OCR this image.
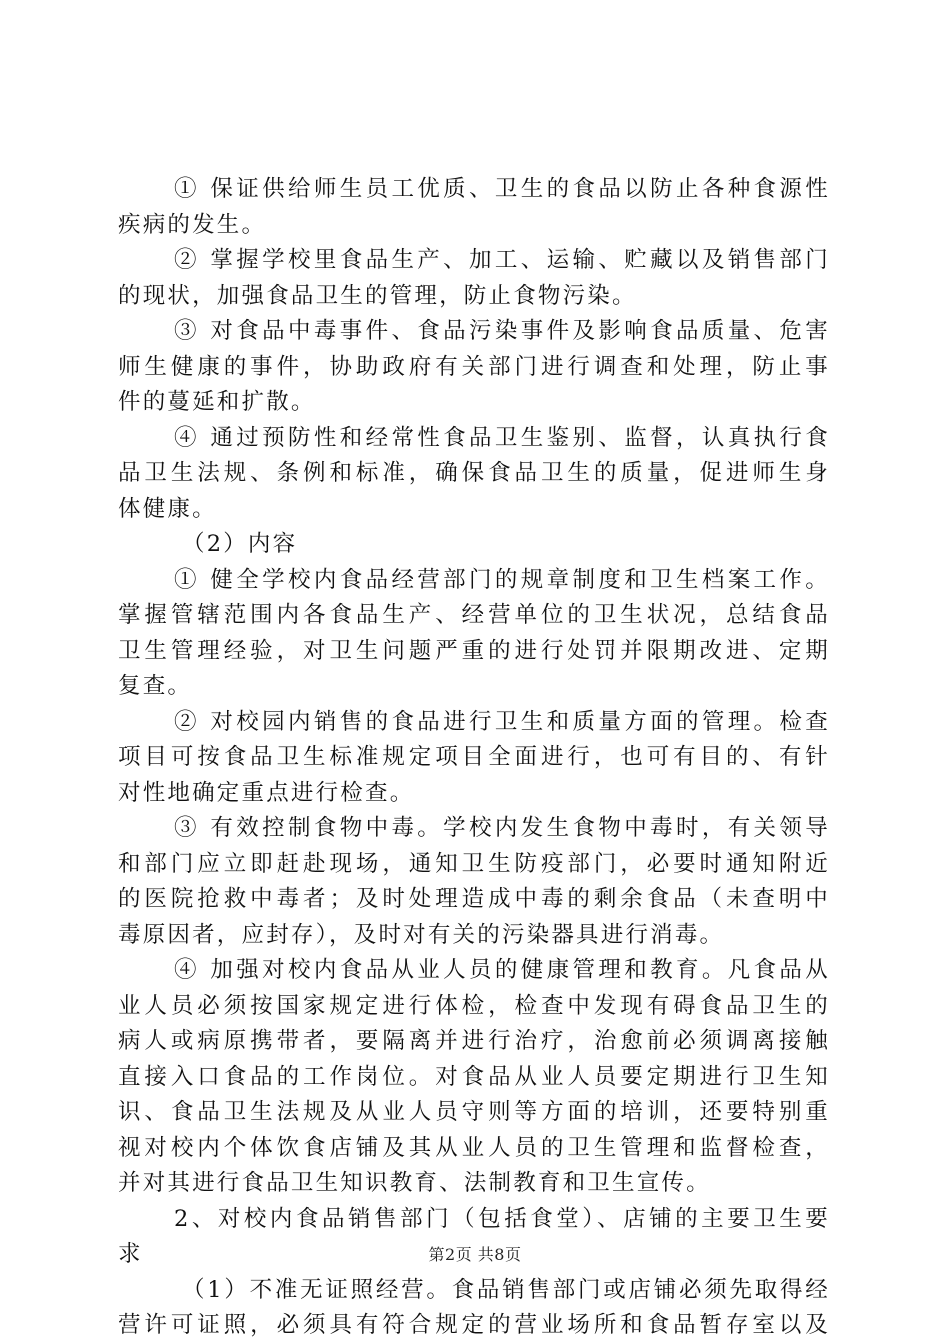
① 保证供给师生员工优质、卫生的食品以防止各种食源性
疾病的发生。
② 掌握学校里食品生产、加工、运输、贮藏以及销售部门
的现状，加强食品卫生的管理，防止食物污染。
③ 对食品中毒事件、食品污染事件及影响食品质量、危害
师生健康的事件，协助政府有关部门进行调查和处理，防止事
件的蔓延和扩散。
④ 通过预防性和经常性食品卫生鉴别、监督，认真执行食
品卫生法规、条例和标准，确保食品卫生的质量，促进师生身
体健康。
（2）内容
① 健全学校内食品经营部门的规章制度和卫生档案工作。
掌握管辖范围内各食品生产、经营单位的卫生状况，总结食品
卫生管理经验，对卫生问题严重的进行处罚并限期改进、定期
复查。
② 对校园内销售的食品进行卫生和质量方面的管理。检查
项目可按食品卫生标准规定项目全面进行，也可有目的、有针
对性地确定重点进行检查。
③ 有效控制食物中毒。学校内发生食物中毒时，有关领导
和部门应立即赶赴现场，通知卫生防疫部门，必要时通知附近
的医院抢救中毒者；及时处理造成中毒的剩余食品（未查明中
毒原因者，应封存），及时对有关的污染器具进行消毒。
④ 加强对校内食品从业人员的健康管理和教育。凡食品从
业人员必须按国家规定进行体检，检查中发现有碍食品卫生的
病人或病原携带者，要隔离并进行治疗，治愈前必须调离接触
直接入口食品的工作岗位。对食品从业人员要定期进行卫生知
识、食品卫生法规及从业人员守则等方面的培训，还要特别重
视对校内个体饮食店铺及其从业人员的卫生管理和监督检查，
并对其进行食品卫生知识教育、法制教育和卫生宣传。
2、对校内食品销售部门（包括食堂）、店铺的主要卫生要
求
（1）不准无证照经营。食品销售部门或店铺必须先取得经
营许可证照，必须具有符合规定的营业场所和食品暂存室以及
第2页 共8页
